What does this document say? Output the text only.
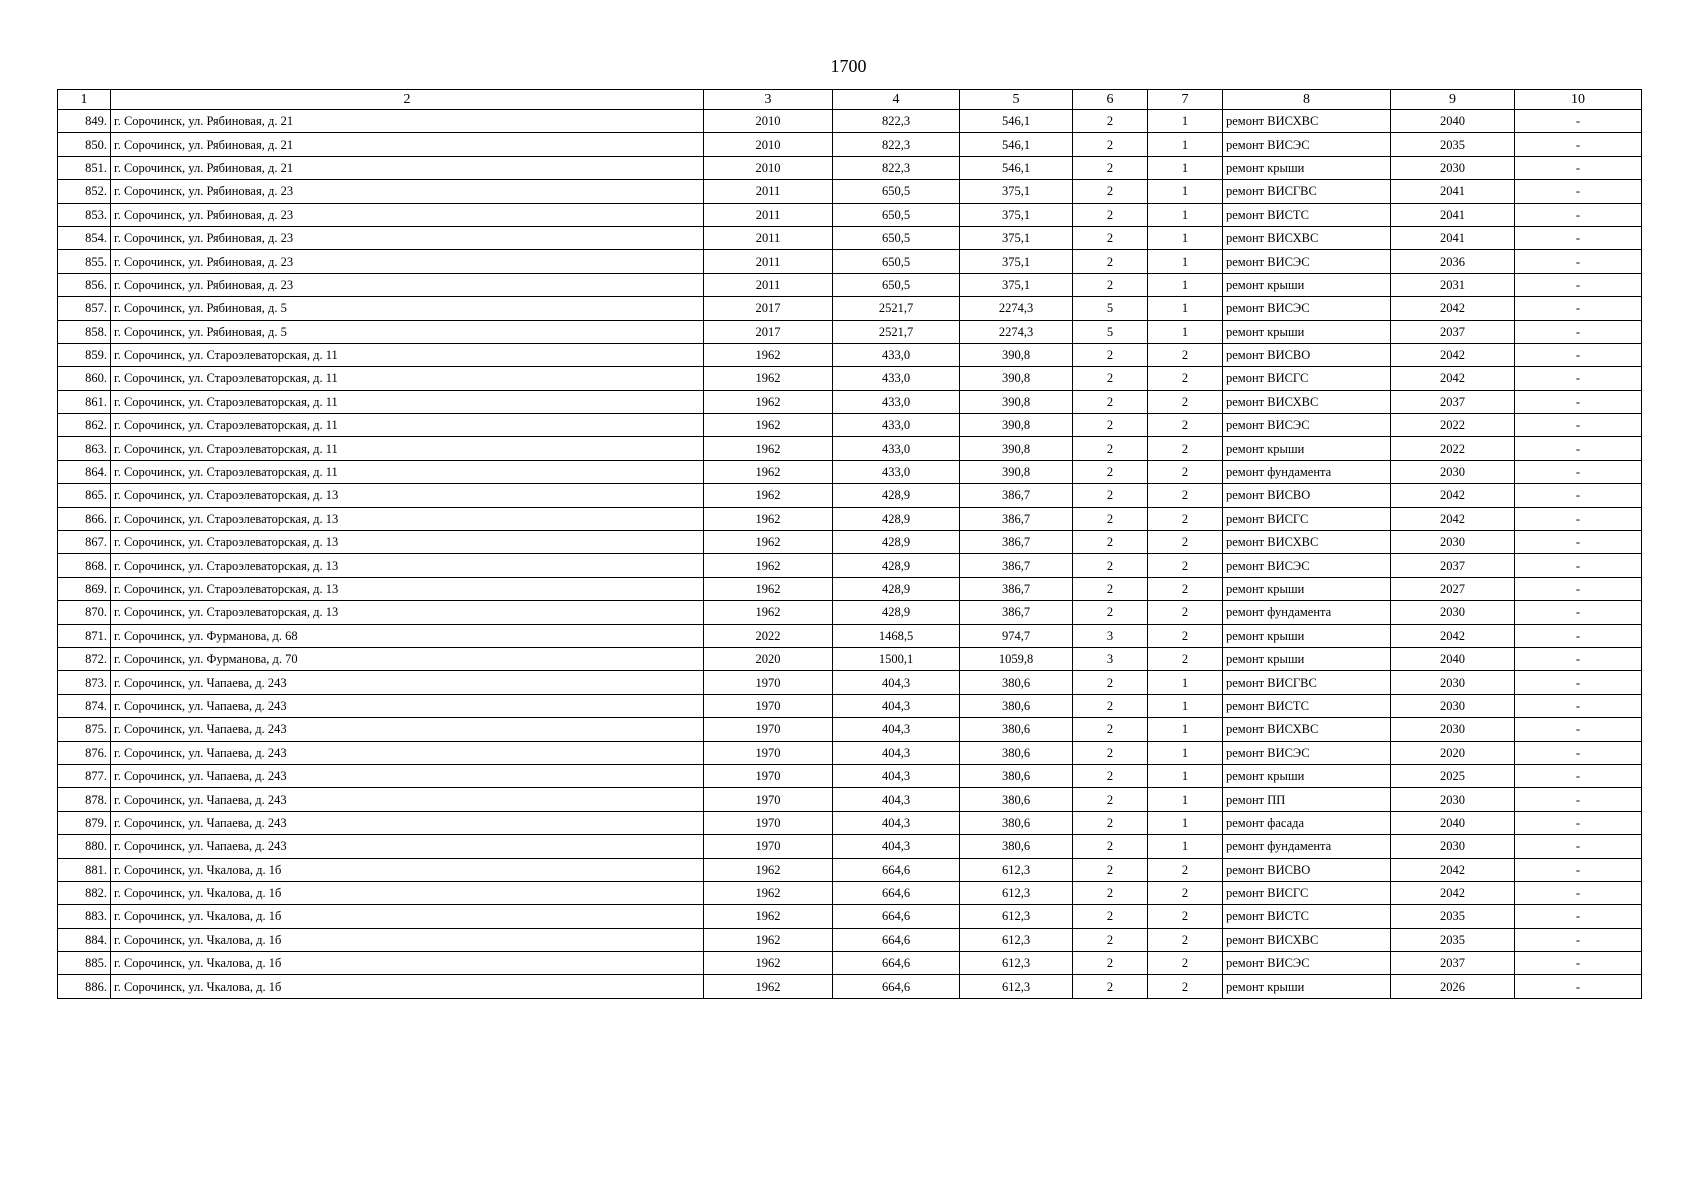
1700
1	2	3	4	5	6	7	8	9	10
849.	г. Сорочинск, ул. Рябиновая, д. 21	2010	822,3	546,1	2	1	ремонт ВИСХВС	2040	-
850.	г. Сорочинск, ул. Рябиновая, д. 21	2010	822,3	546,1	2	1	ремонт ВИСЭС	2035	-
851.	г. Сорочинск, ул. Рябиновая, д. 21	2010	822,3	546,1	2	1	ремонт крыши	2030	-
852.	г. Сорочинск, ул. Рябиновая, д. 23	2011	650,5	375,1	2	1	ремонт ВИСГВС	2041	-
853.	г. Сорочинск, ул. Рябиновая, д. 23	2011	650,5	375,1	2	1	ремонт ВИСТС	2041	-
854.	г. Сорочинск, ул. Рябиновая, д. 23	2011	650,5	375,1	2	1	ремонт ВИСХВС	2041	-
855.	г. Сорочинск, ул. Рябиновая, д. 23	2011	650,5	375,1	2	1	ремонт ВИСЭС	2036	-
856.	г. Сорочинск, ул. Рябиновая, д. 23	2011	650,5	375,1	2	1	ремонт крыши	2031	-
857.	г. Сорочинск, ул. Рябиновая, д. 5	2017	2521,7	2274,3	5	1	ремонт ВИСЭС	2042	-
858.	г. Сорочинск, ул. Рябиновая, д. 5	2017	2521,7	2274,3	5	1	ремонт крыши	2037	-
859.	г. Сорочинск, ул. Староэлеваторская, д. 11	1962	433,0	390,8	2	2	ремонт ВИСВО	2042	-
860.	г. Сорочинск, ул. Староэлеваторская, д. 11	1962	433,0	390,8	2	2	ремонт ВИСГС	2042	-
861.	г. Сорочинск, ул. Староэлеваторская, д. 11	1962	433,0	390,8	2	2	ремонт ВИСХВС	2037	-
862.	г. Сорочинск, ул. Староэлеваторская, д. 11	1962	433,0	390,8	2	2	ремонт ВИСЭС	2022	-
863.	г. Сорочинск, ул. Староэлеваторская, д. 11	1962	433,0	390,8	2	2	ремонт крыши	2022	-
864.	г. Сорочинск, ул. Староэлеваторская, д. 11	1962	433,0	390,8	2	2	ремонт фундамента	2030	-
865.	г. Сорочинск, ул. Староэлеваторская, д. 13	1962	428,9	386,7	2	2	ремонт ВИСВО	2042	-
866.	г. Сорочинск, ул. Староэлеваторская, д. 13	1962	428,9	386,7	2	2	ремонт ВИСГС	2042	-
867.	г. Сорочинск, ул. Староэлеваторская, д. 13	1962	428,9	386,7	2	2	ремонт ВИСХВС	2030	-
868.	г. Сорочинск, ул. Староэлеваторская, д. 13	1962	428,9	386,7	2	2	ремонт ВИСЭС	2037	-
869.	г. Сорочинск, ул. Староэлеваторская, д. 13	1962	428,9	386,7	2	2	ремонт крыши	2027	-
870.	г. Сорочинск, ул. Староэлеваторская, д. 13	1962	428,9	386,7	2	2	ремонт фундамента	2030	-
871.	г. Сорочинск, ул. Фурманова, д. 68	2022	1468,5	974,7	3	2	ремонт крыши	2042	-
872.	г. Сорочинск, ул. Фурманова, д. 70	2020	1500,1	1059,8	3	2	ремонт крыши	2040	-
873.	г. Сорочинск, ул. Чапаева, д. 243	1970	404,3	380,6	2	1	ремонт ВИСГВС	2030	-
874.	г. Сорочинск, ул. Чапаева, д. 243	1970	404,3	380,6	2	1	ремонт ВИСТС	2030	-
875.	г. Сорочинск, ул. Чапаева, д. 243	1970	404,3	380,6	2	1	ремонт ВИСХВС	2030	-
876.	г. Сорочинск, ул. Чапаева, д. 243	1970	404,3	380,6	2	1	ремонт ВИСЭС	2020	-
877.	г. Сорочинск, ул. Чапаева, д. 243	1970	404,3	380,6	2	1	ремонт крыши	2025	-
878.	г. Сорочинск, ул. Чапаева, д. 243	1970	404,3	380,6	2	1	ремонт ПП	2030	-
879.	г. Сорочинск, ул. Чапаева, д. 243	1970	404,3	380,6	2	1	ремонт фасада	2040	-
880.	г. Сорочинск, ул. Чапаева, д. 243	1970	404,3	380,6	2	1	ремонт фундамента	2030	-
881.	г. Сорочинск, ул. Чкалова, д. 1б	1962	664,6	612,3	2	2	ремонт ВИСВО	2042	-
882.	г. Сорочинск, ул. Чкалова, д. 1б	1962	664,6	612,3	2	2	ремонт ВИСГС	2042	-
883.	г. Сорочинск, ул. Чкалова, д. 1б	1962	664,6	612,3	2	2	ремонт ВИСТС	2035	-
884.	г. Сорочинск, ул. Чкалова, д. 1б	1962	664,6	612,3	2	2	ремонт ВИСХВС	2035	-
885.	г. Сорочинск, ул. Чкалова, д. 1б	1962	664,6	612,3	2	2	ремонт ВИСЭС	2037	-
886.	г. Сорочинск, ул. Чкалова, д. 1б	1962	664,6	612,3	2	2	ремонт крыши	2026	-
